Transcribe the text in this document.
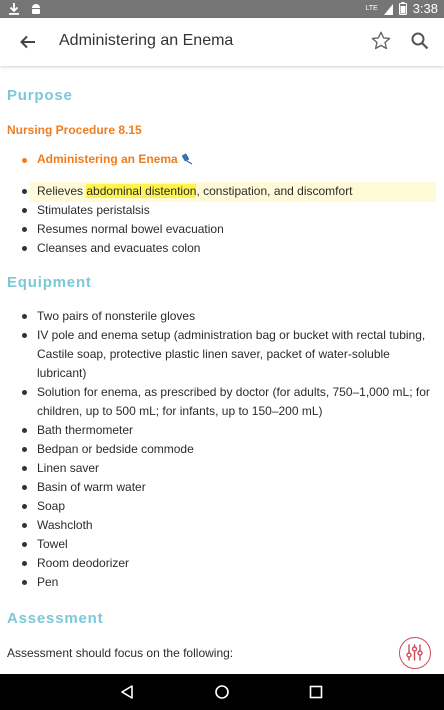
LTE	3:38
Administering an Enema
Purpose
Nursing Procedure 8.15
Administering an Enema
Relieves abdominal distention, constipation, and discomfort
Stimulates peristalsis
Resumes normal bowel evacuation
Cleanses and evacuates colon
Equipment
Two pairs of nonsterile gloves
IV pole and enema setup (administration bag or bucket with rectal tubing, Castile soap, protective plastic linen saver, packet of water-soluble lubricant)
Solution for enema, as prescribed by doctor (for adults, 750–1,000 mL; for children, up to 500 mL; for infants, up to 150–200 mL)
Bath thermometer
Bedpan or bedside commode
Linen saver
Basin of warm water
Soap
Washcloth
Towel
Room deodorizer
Pen
Assessment
Assessment should focus on the following:
